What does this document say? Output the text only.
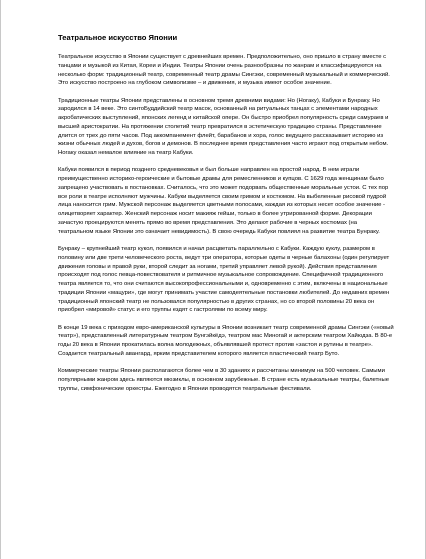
Театральное искусство Японии

Театральное искусство в Японии существует с древнейших времен. Предположительно, оно пришло в страну вместе с танцами и музыкой из Китая, Кореи и Индии. Театры Японии очень разнообразны по жанрам и классифицируются на несколько форм: традиционный театр, современный театр драмы Сингэки, современный музыкальный и коммерческий. Это искусство построено на глубоком символизме – и движения, и музыка имеют особое значение.

Традиционные театры Японии представлены в основном тремя древними видами: Но (Ногаку), Кабуки и Бунраку. Но зародился в 14 веке. Это синтоБуддийский театр масок, основанный на ритуальных танцах с элементами народных акробатических выступлений, японских легенд и китайской опере. Он быстро приобрел популярность среди самураев и высшей аристократии. На протяжении столетий театр превратился в эстетическую традицию страны. Представление длится от трех до пяти часов. Под аккомпанемент флейт, барабанов и хора, голос ведущего рассказывает историю из жизни обычных людей и духов, богов и демонов. В последнее время представления часто играют под открытым небом. Ногаку оказал немалое влияние на театр Кабуки.

Кабуки появился в период позднего средневековья и был больше направлен на простой народ. В нем играли преимущественно историко-героические и бытовые драмы для ремесленников и купцов. С 1629 года женщинам было запрещено участвовать в постановках. Считалось, что это может подорвать общественные моральные устои. С тех пор все роли в театре исполняют мужчины. Кабуки выделяется своим гримом и костюмом. На выбеленные рисовой пудрой лица наносится грим. Мужской персонаж выделяется цветными полосами, каждая из которых несет особое значение - олицетворяет характер. Женский персонаж носит макияж гейши, только в более утрированной форме. Декорации зачастую проецируются менять прямо во время представления. Это делают рабочие в черных костюмах (на театральном языке Японии это означает невидимость). В свою очередь Кабуки повлиял на развитие театра Бунраку.

Бунраку – крупнейший театр кукол, появился и начал расцветать параллельно с Кабуки. Каждую куклу, размером в половину или две трети человеческого роста, ведут три оператора, которые одеты в черные балахоны (один регулирует движения головы и правой руки, второй следит за ногами, третий управляет левой рукой). Действия представления происходят под голос певца-повествователя и ритмичное музыкальное сопровождение. Специфичной традиционного театра является то, что они считаются высокопрофессиональными и, одновременно с этим, включены в национальные традиции Японии «мацури», где могут принимать участие самодеятельные постановки любителей. До недавних времен традиционный японский театр не пользовался популярностью в других странах, но со второй половины 20 века он приобрел «мировой» статус и его труппы ездят с гастролями по всему миру.

В конце 19 века с приходом евро-американской культуры в Японии возникает театр современной драмы Сингэки («новый театр»), представленный литературным театром Бунгэйкёдэ, театром мас Миногай и актерским театром Хайюдза. В 80-е годы 20 века в Японии прокатилась волна молодежных, объявлявшей протест против «застоя и рутины в театре». Создается театральный авангард, ярким представителем которого является пластический театр Буто.

Коммерческие театры Японии располагаются более чем в 30 зданиях и рассчитаны минимум на 500 человек. Самыми популярными жанром здесь являются мюзиклы, в основном зарубежные. В стране есть музыкальные театры, балетные труппы, симфонические оркестры. Ежегодно в Японии проводятся театральные фестивали.
